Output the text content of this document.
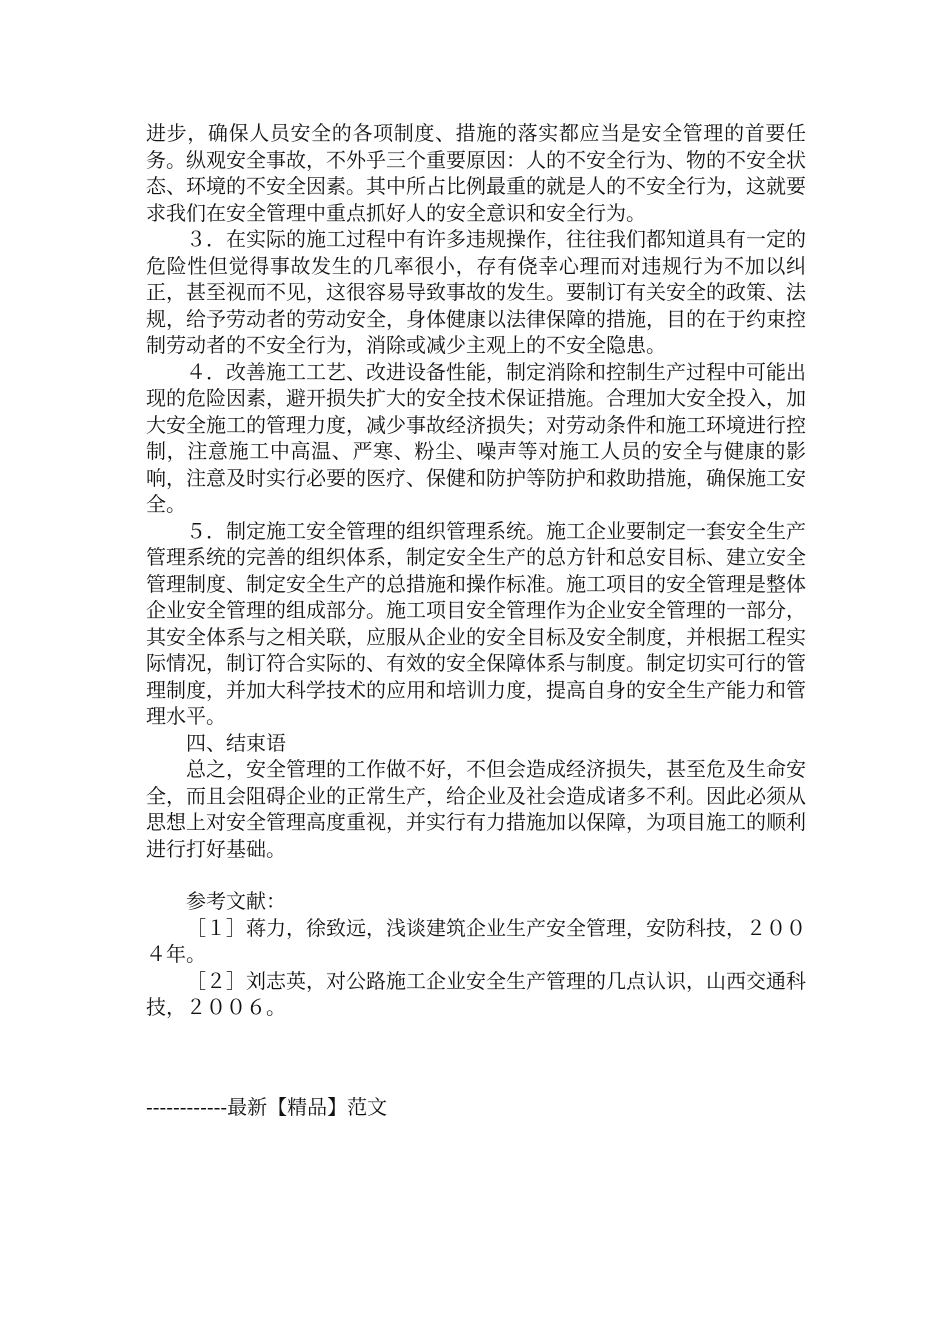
进步，确保人员安全的各项制度、措施的落实都应当是安全管理的首要任务。纵观安全事故，不外乎三个重要原因：人的不安全行为、物的不安全状态、环境的不安全因素。其中所占比例最重的就是人的不安全行为，这就要求我们在安全管理中重点抓好人的安全意识和安全行为。

３．在实际的施工过程中有许多违规操作，往往我们都知道具有一定的危险性但觉得事故发生的几率很小，存有侥幸心理而对违规行为不加以纠正，甚至视而不见，这很容易导致事故的发生。要制订有关安全的政策、法规，给予劳动者的劳动安全，身体健康以法律保障的措施，目的在于约束控制劳动者的不安全行为，消除或减少主观上的不安全隐患。

４．改善施工工艺、改进设备性能，制定消除和控制生产过程中可能出现的危险因素，避开损失扩大的安全技术保证措施。合理加大安全投入，加大安全施工的管理力度，减少事故经济损失；对劳动条件和施工环境进行控制，注意施工中高温、严寒、粉尘、噪声等对施工人员的安全与健康的影响，注意及时实行必要的医疗、保健和防护等防护和救助措施，确保施工安全。

５．制定施工安全管理的组织管理系统。施工企业要制定一套安全生产管理系统的完善的组织体系，制定安全生产的总方针和总安目标、建立安全管理制度、制定安全生产的总措施和操作标准。施工项目的安全管理是整体企业安全管理的组成部分。施工项目安全管理作为企业安全管理的一部分，其安全体系与之相关联，应服从企业的安全目标及安全制度，并根据工程实际情况，制订符合实际的、有效的安全保障体系与制度。制定切实可行的管理制度，并加大科学技术的应用和培训力度，提高自身的安全生产能力和管理水平。

四、结束语

总之，安全管理的工作做不好，不但会造成经济损失，甚至危及生命安全，而且会阻碍企业的正常生产，给企业及社会造成诸多不利。因此必须从思想上对安全管理高度重视，并实行有力措施加以保障，为项目施工的顺利进行打好基础。

参考文献：

［１］蒋力，徐致远，浅谈建筑企业生产安全管理，安防科技，２００４年。

［２］刘志英，对公路施工企业安全生产管理的几点认识，山西交通科技，２００６。

------------最新【精品】范文
